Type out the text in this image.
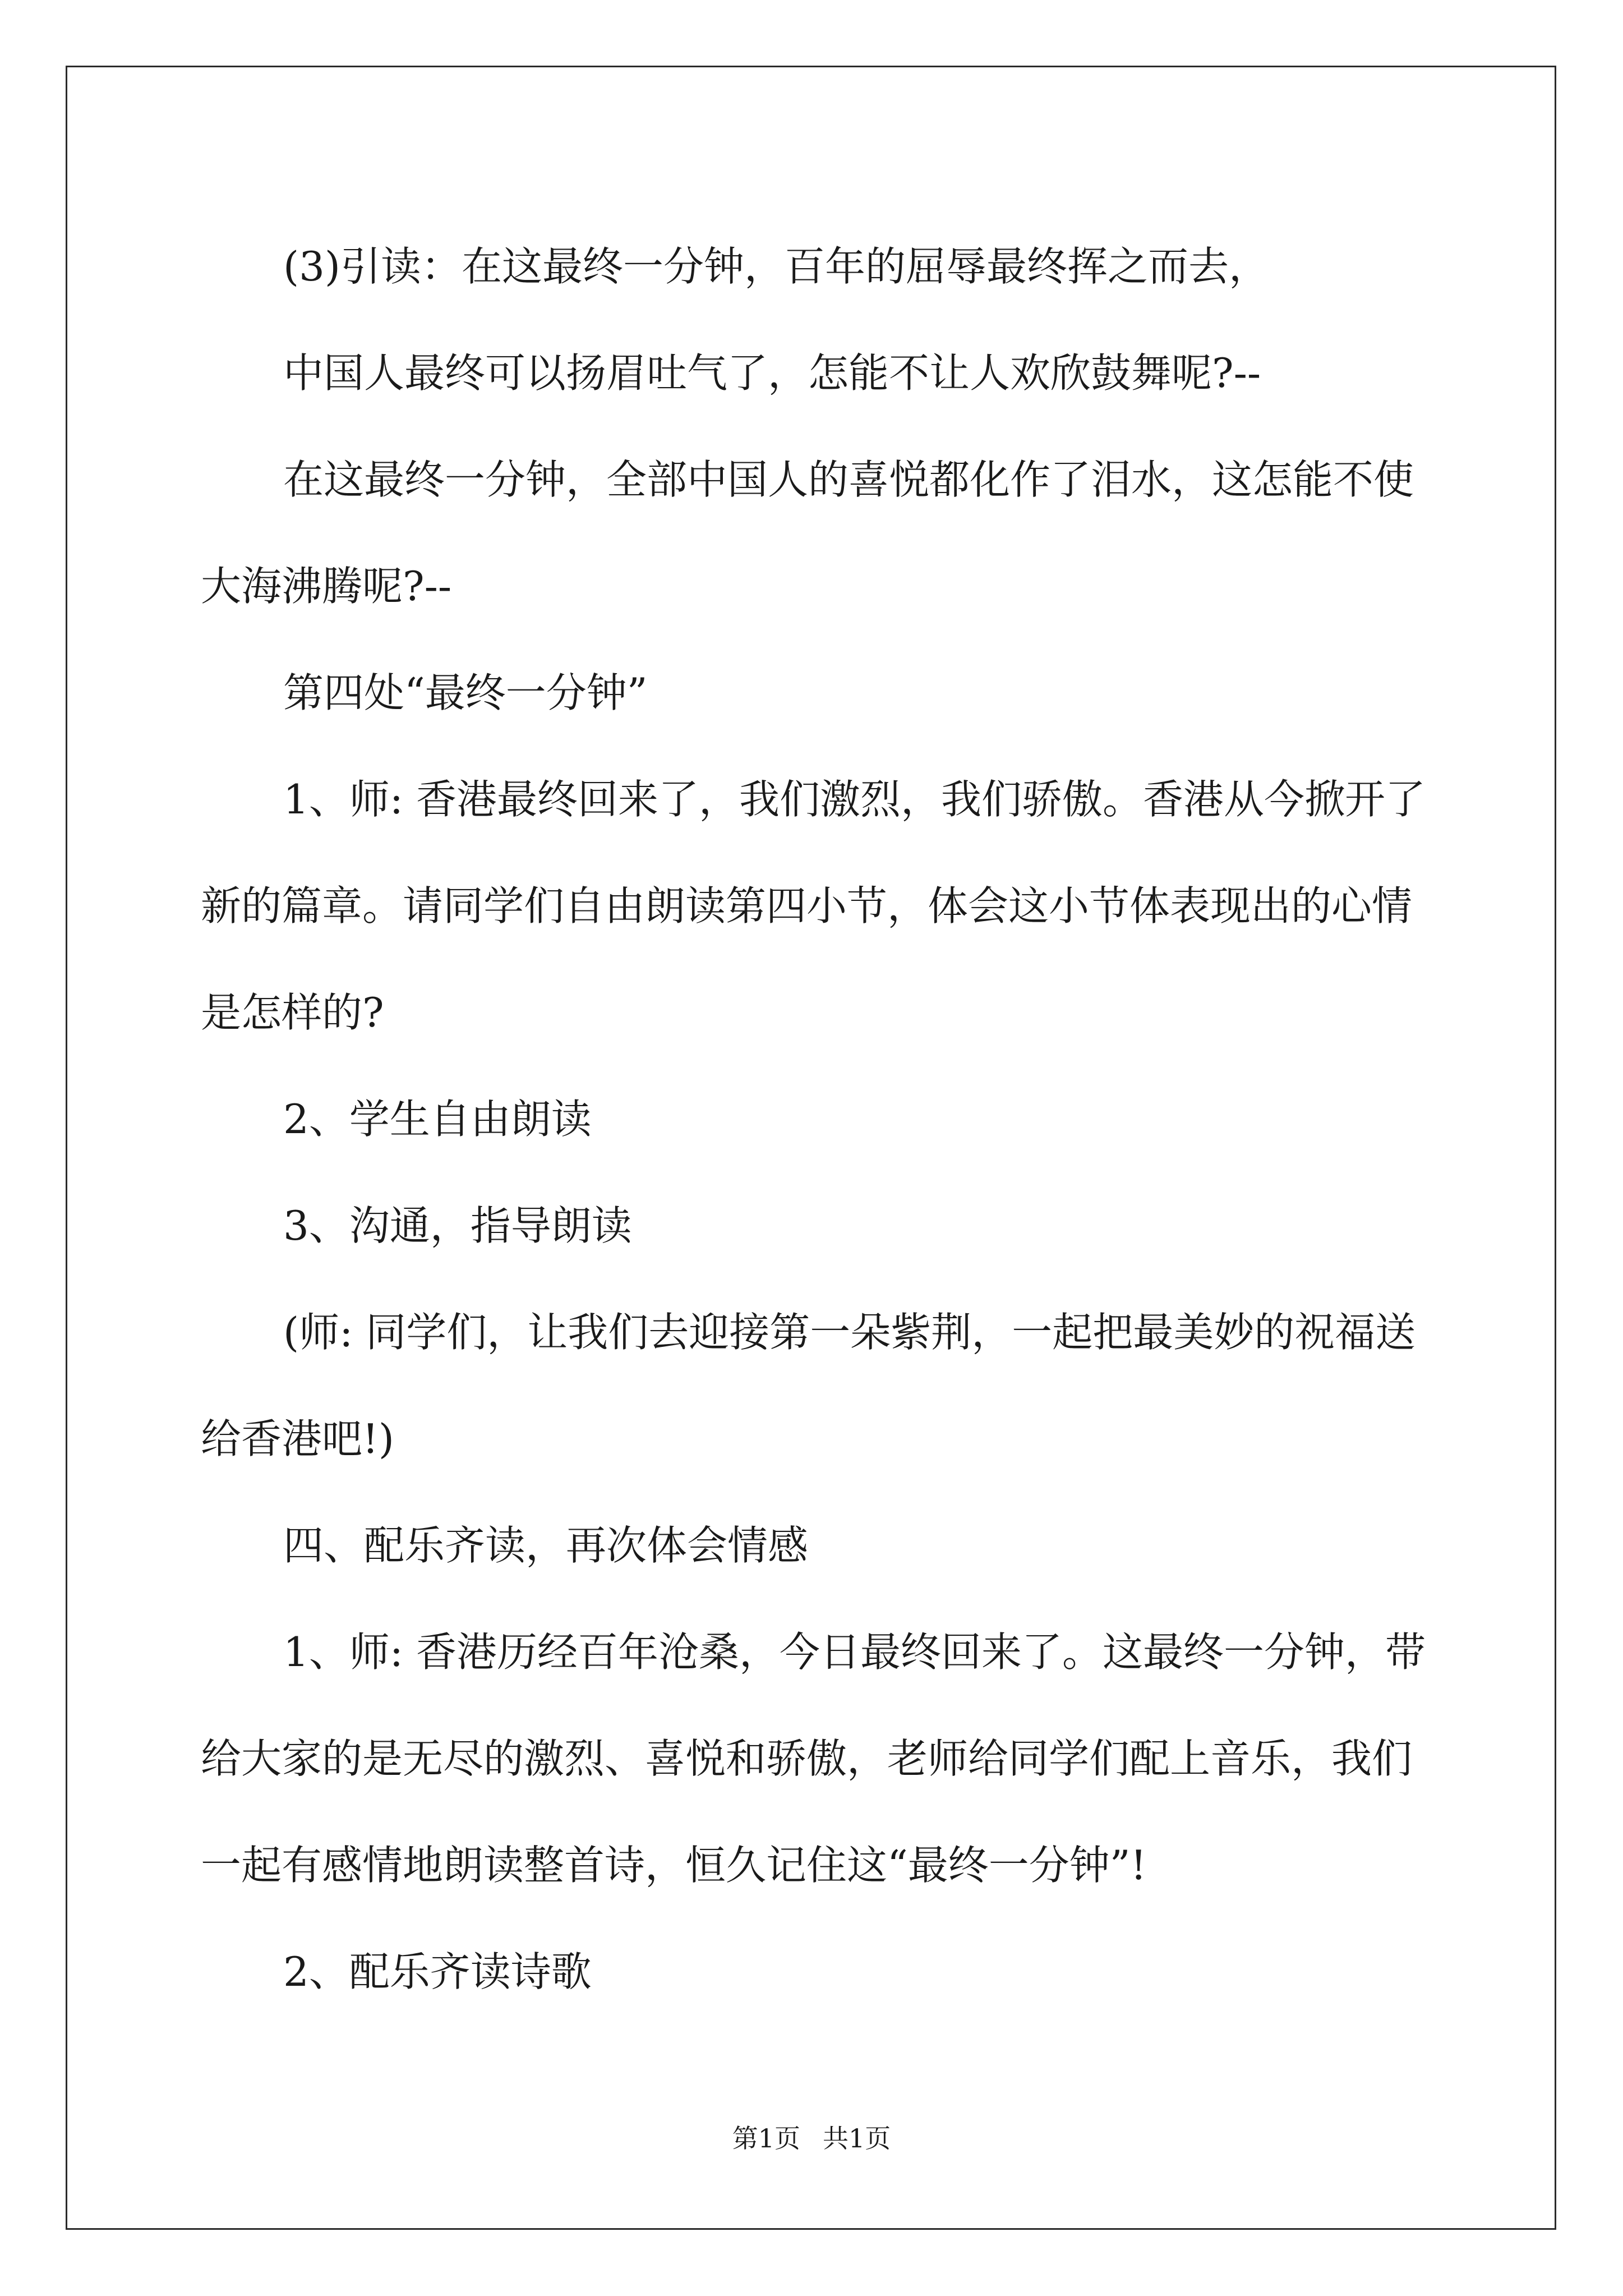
(3)引读：在这最终一分钟，百年的屈辱最终挥之而去，

中国人最终可以扬眉吐气了，怎能不让人欢欣鼓舞呢?--

在这最终一分钟，全部中国人的喜悦都化作了泪水，这怎能不使

大海沸腾呢?--

第四处“最终一分钟”

1、师: 香港最终回来了，我们激烈，我们骄傲。香港从今掀开了

新的篇章。请同学们自由朗读第四小节，体会这小节体表现出的心情

是怎样的?

2、学生自由朗读

3、沟通，指导朗读

(师: 同学们，让我们去迎接第一朵紫荆，一起把最美妙的祝福送

给香港吧!)

四、配乐齐读，再次体会情感

1、师: 香港历经百年沧桑，今日最终回来了。这最终一分钟，带

给大家的是无尽的激烈、喜悦和骄傲，老师给同学们配上音乐，我们

一起有感情地朗读整首诗，恒久记住这“最终一分钟”!

2、配乐齐读诗歌

第1页 共1页
